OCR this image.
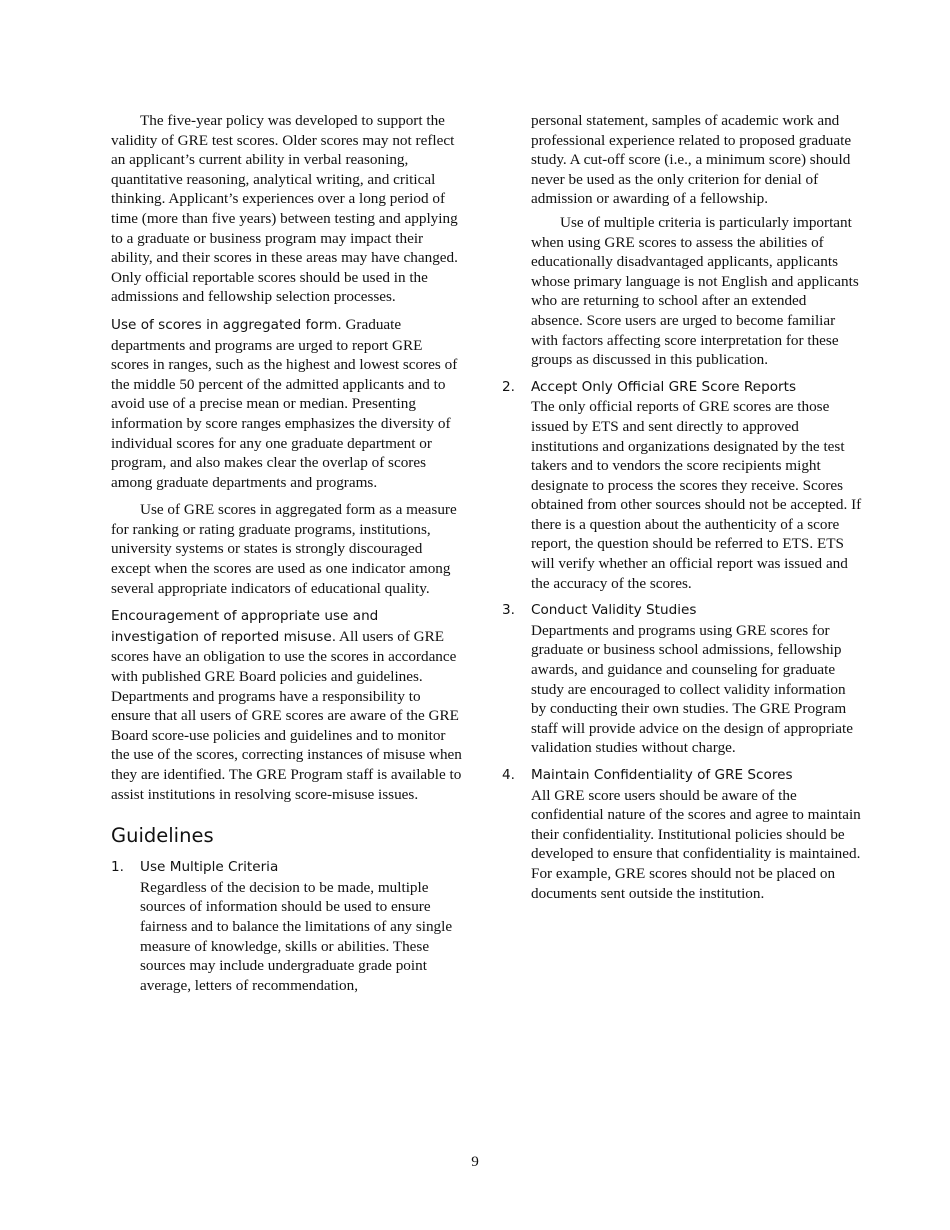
The five-year policy was developed to support the validity of GRE test scores. Older scores may not reflect an applicant’s current ability in verbal reasoning, quantitative reasoning, analytical writing, and critical thinking. Applicant’s experiences over a long period of time (more than five years) between testing and applying to a graduate or business program may impact their ability, and their scores in these areas may have changed. Only official reportable scores should be used in the admissions and fellowship selection processes.

Use of scores in aggregated form. Graduate departments and programs are urged to report GRE scores in ranges, such as the highest and lowest scores of the middle 50 percent of the admitted applicants and to avoid use of a precise mean or median. Presenting information by score ranges emphasizes the diversity of individual scores for any one graduate department or program, and also makes clear the overlap of scores among graduate departments and programs.

Use of GRE scores in aggregated form as a measure for ranking or rating graduate programs, institutions, university systems or states is strongly discouraged except when the scores are used as one indicator among several appropriate indicators of educational quality.

Encouragement of appropriate use and investigation of reported misuse. All users of GRE scores have an obligation to use the scores in accordance with published GRE Board policies and guidelines. Departments and programs have a responsibility to ensure that all users of GRE scores are aware of the GRE Board score-use policies and guidelines and to monitor the use of the scores, correcting instances of misuse when they are identified. The GRE Program staff is available to assist institutions in resolving score-misuse issues.

Guidelines
1. Use Multiple Criteria

Regardless of the decision to be made, multiple sources of information should be used to ensure fairness and to balance the limitations of any single measure of knowledge, skills or abilities. These sources may include undergraduate grade point average, letters of recommendation,

personal statement, samples of academic work and professional experience related to proposed graduate study. A cut-off score (i.e., a minimum score) should never be used as the only criterion for denial of admission or awarding of a fellowship.

Use of multiple criteria is particularly important when using GRE scores to assess the abilities of educationally disadvantaged applicants, applicants whose primary language is not English and applicants who are returning to school after an extended absence. Score users are urged to become familiar with factors affecting score interpretation for these groups as discussed in this publication.

2. Accept Only Official GRE Score Reports

The only official reports of GRE scores are those issued by ETS and sent directly to approved institutions and organizations designated by the test takers and to vendors the score recipients might designate to process the scores they receive. Scores obtained from other sources should not be accepted. If there is a question about the authenticity of a score report, the question should be referred to ETS. ETS will verify whether an official report was issued and the accuracy of the scores.

3. Conduct Validity Studies

Departments and programs using GRE scores for graduate or business school admissions, fellowship awards, and guidance and counseling for graduate study are encouraged to collect validity information by conducting their own studies. The GRE Program staff will provide advice on the design of appropriate validation studies without charge.

4. Maintain Confidentiality of GRE Scores

All GRE score users should be aware of the confidential nature of the scores and agree to maintain their confidentiality. Institutional policies should be developed to ensure that confidentiality is maintained. For example, GRE scores should not be placed on documents sent outside the institution.

9
